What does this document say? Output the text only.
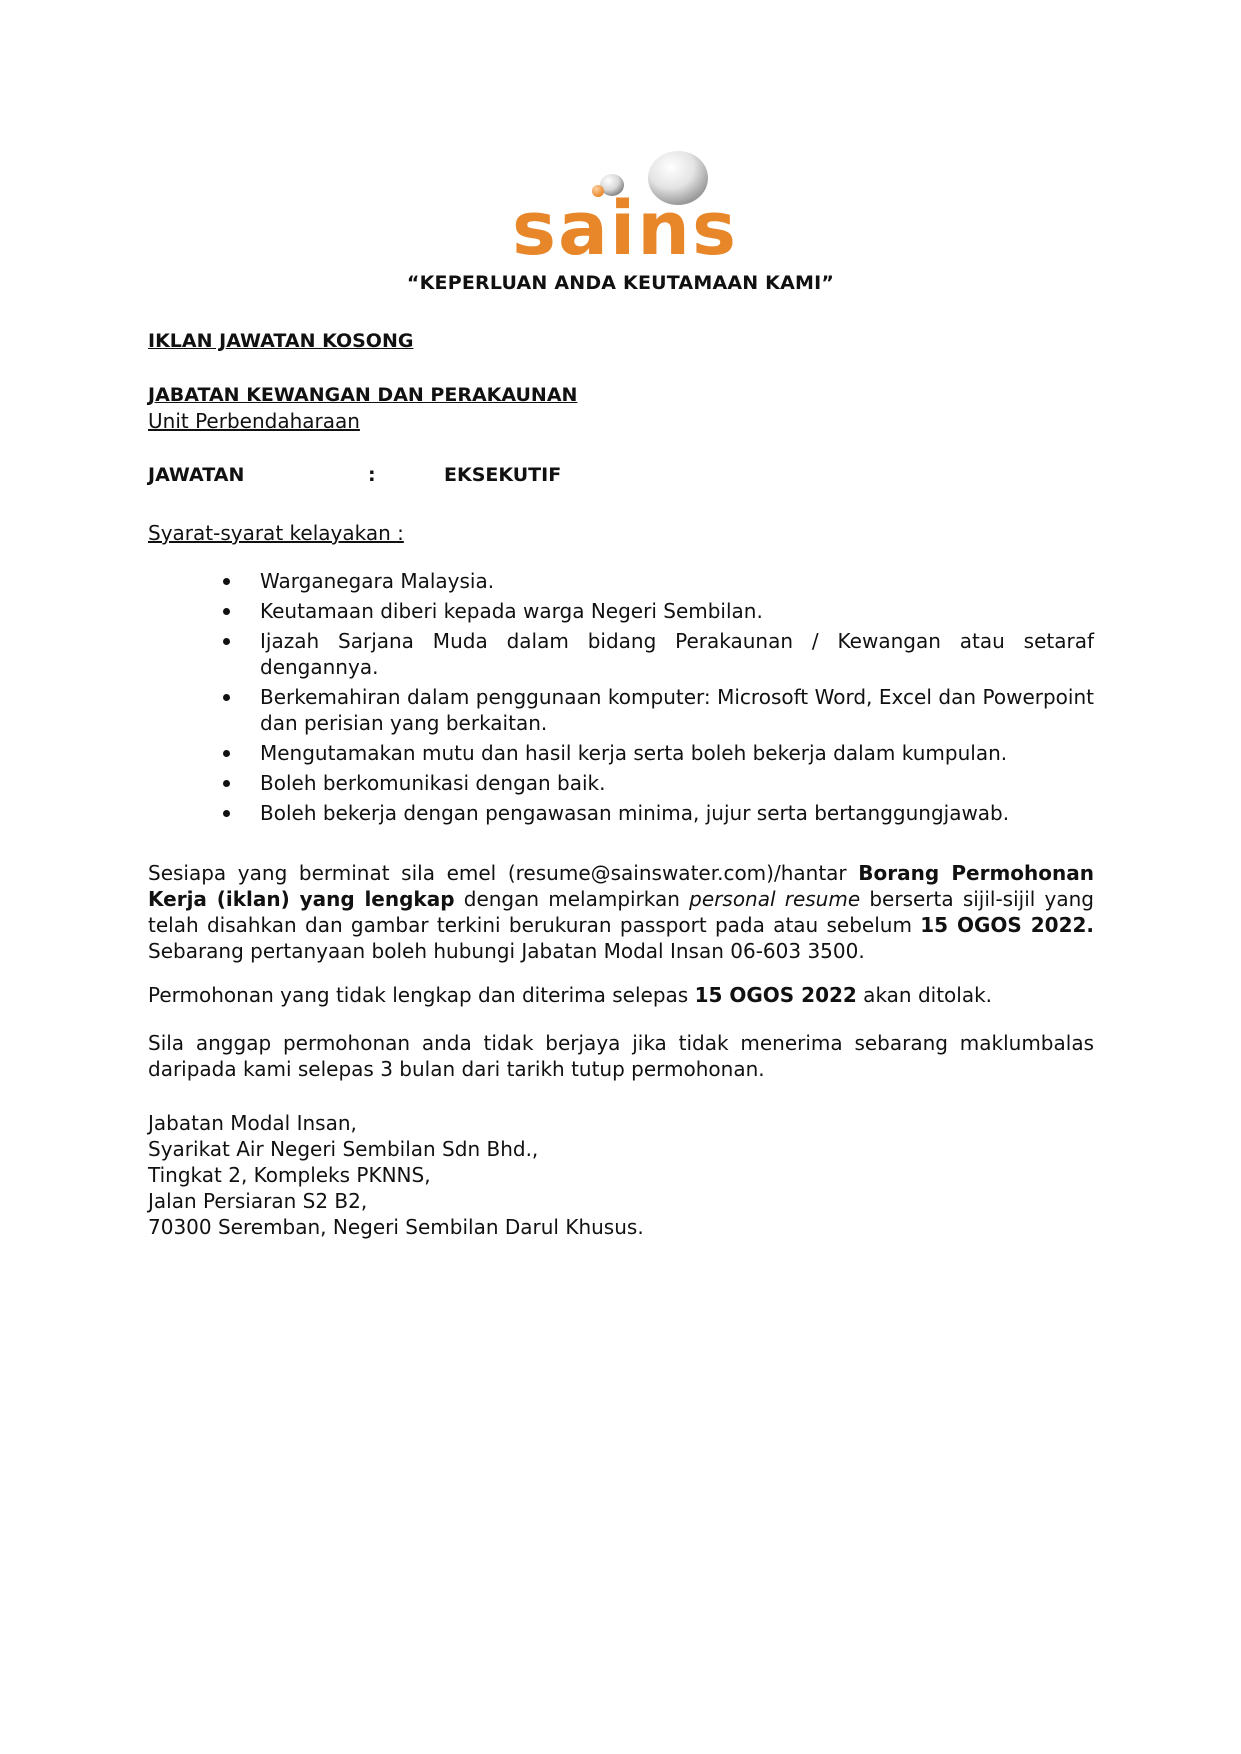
sains
“KEPERLUAN ANDA KEUTAMAAN KAMI”
IKLAN JAWATAN KOSONG
JABATAN KEWANGAN DAN PERAKAUNAN
Unit Perbendaharaan
JAWATAN	:	EKSEKUTIF
Syarat-syarat kelayakan :
Warganegara Malaysia.
Keutamaan diberi kepada warga Negeri Sembilan.
Ijazah Sarjana Muda dalam bidang Perakaunan / Kewangan atau setaraf dengannya.
Berkemahiran dalam penggunaan komputer: Microsoft Word, Excel dan Powerpoint dan perisian yang berkaitan.
Mengutamakan mutu dan hasil kerja serta boleh bekerja dalam kumpulan.
Boleh berkomunikasi dengan baik.
Boleh bekerja dengan pengawasan minima, jujur serta bertanggungjawab.
Sesiapa yang berminat sila emel (resume@sainswater.com)/hantar Borang Permohonan Kerja (iklan) yang lengkap dengan melampirkan personal resume berserta sijil-sijil yang telah disahkan dan gambar terkini berukuran passport pada atau sebelum 15 OGOS 2022. Sebarang pertanyaan boleh hubungi Jabatan Modal Insan 06-603 3500.
Permohonan yang tidak lengkap dan diterima selepas 15 OGOS 2022 akan ditolak.
Sila anggap permohonan anda tidak berjaya jika tidak menerima sebarang maklumbalas daripada kami selepas 3 bulan dari tarikh tutup permohonan.
Jabatan Modal Insan,
Syarikat Air Negeri Sembilan Sdn Bhd.,
Tingkat 2, Kompleks PKNNS,
Jalan Persiaran S2 B2,
70300 Seremban, Negeri Sembilan Darul Khusus.
